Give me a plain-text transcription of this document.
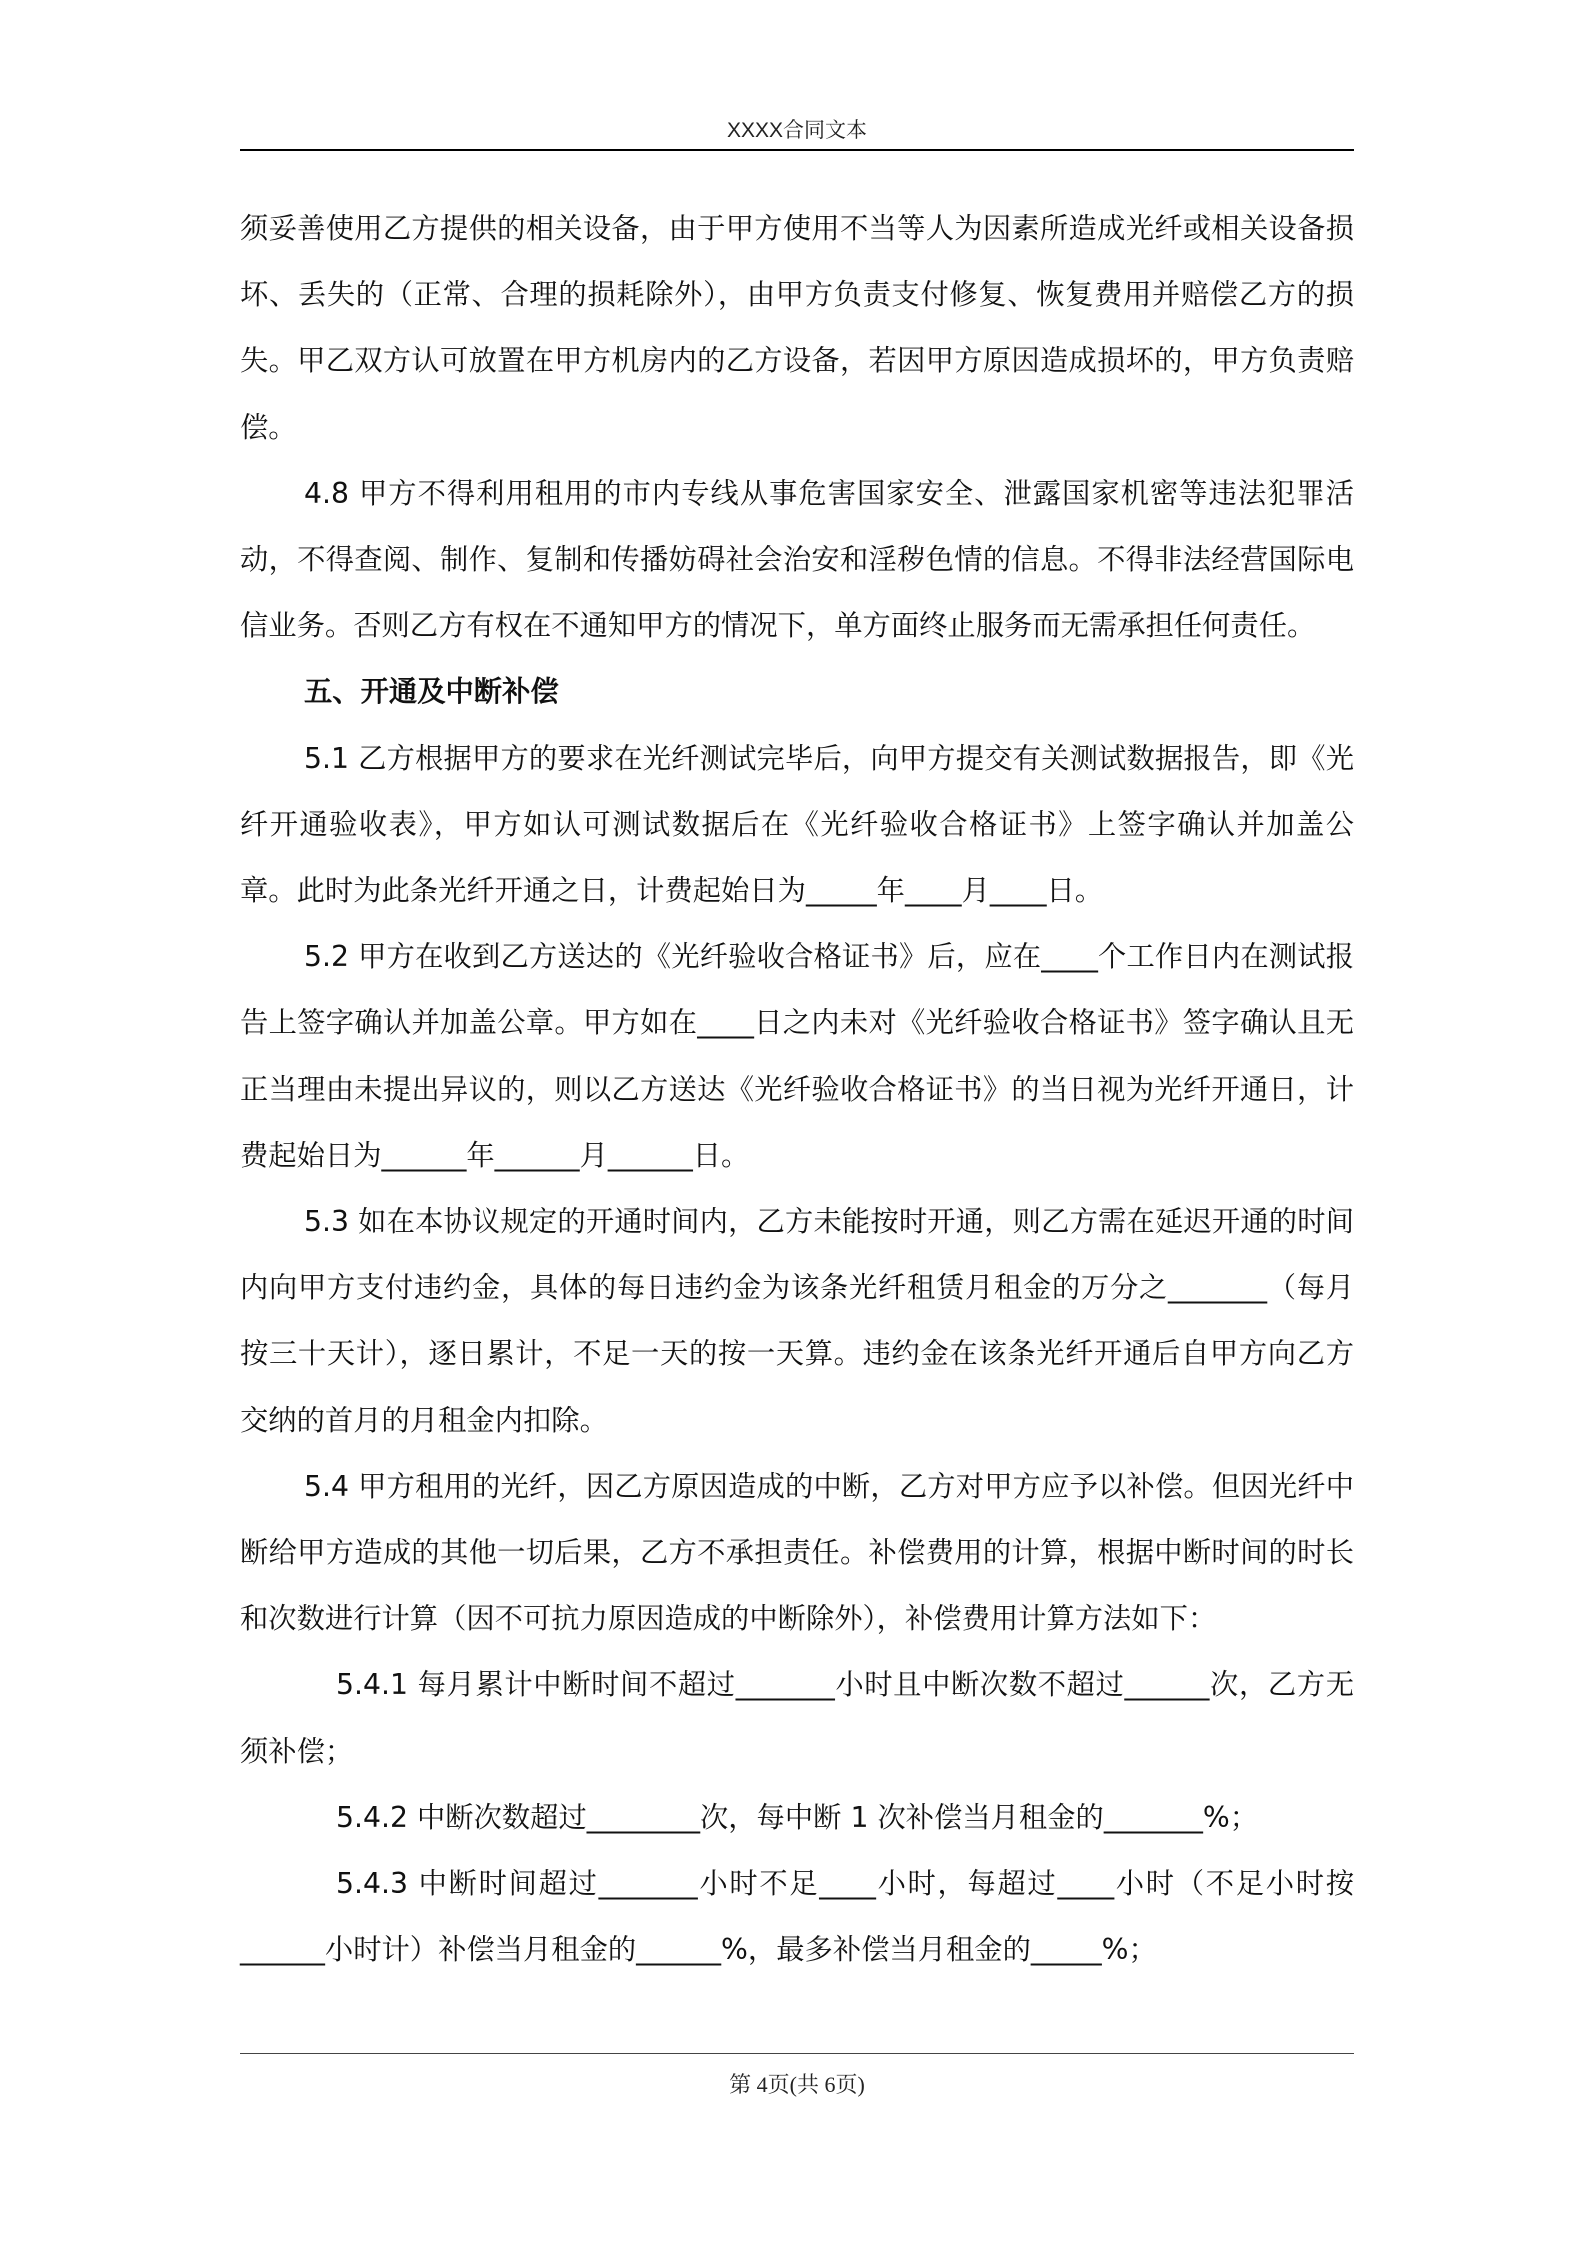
XXXX合同文本

须妥善使用乙方提供的相关设备，由于甲方使用不当等人为因素所造成光纤或相关设备损坏、丢失的（正常、合理的损耗除外），由甲方负责支付修复、恢复费用并赔偿乙方的损失。甲乙双方认可放置在甲方机房内的乙方设备，若因甲方原因造成损坏的，甲方负责赔偿。

4.8 甲方不得利用租用的市内专线从事危害国家安全、泄露国家机密等违法犯罪活动，不得查阅、制作、复制和传播妨碍社会治安和淫秽色情的信息。不得非法经营国际电信业务。否则乙方有权在不通知甲方的情况下，单方面终止服务而无需承担任何责任。

五、开通及中断补偿

5.1 乙方根据甲方的要求在光纤测试完毕后，向甲方提交有关测试数据报告，即《光纤开通验收表》，甲方如认可测试数据后在《光纤验收合格证书》上签字确认并加盖公章。此时为此条光纤开通之日，计费起始日为_____年____月____日。

5.2 甲方在收到乙方送达的《光纤验收合格证书》后，应在____个工作日内在测试报告上签字确认并加盖公章。甲方如在____日之内未对《光纤验收合格证书》签字确认且无正当理由未提出异议的，则以乙方送达《光纤验收合格证书》的当日视为光纤开通日，计费起始日为______年______月______日。

5.3 如在本协议规定的开通时间内，乙方未能按时开通，则乙方需在延迟开通的时间内向甲方支付违约金，具体的每日违约金为该条光纤租赁月租金的万分之_______（每月按三十天计），逐日累计，不足一天的按一天算。违约金在该条光纤开通后自甲方向乙方交纳的首月的月租金内扣除。

5.4 甲方租用的光纤，因乙方原因造成的中断，乙方对甲方应予以补偿。但因光纤中断给甲方造成的其他一切后果，乙方不承担责任。补偿费用的计算，根据中断时间的时长和次数进行计算（因不可抗力原因造成的中断除外），补偿费用计算方法如下：

5.4.1 每月累计中断时间不超过_______小时且中断次数不超过______次，乙方无须补偿；

5.4.2 中断次数超过________次，每中断 1 次补偿当月租金的_______%；

5.4.3 中断时间超过_______小时不足____小时，每超过____小时（不足小时按______小时计）补偿当月租金的______%，最多补偿当月租金的_____%；

第 4页(共 6页)
